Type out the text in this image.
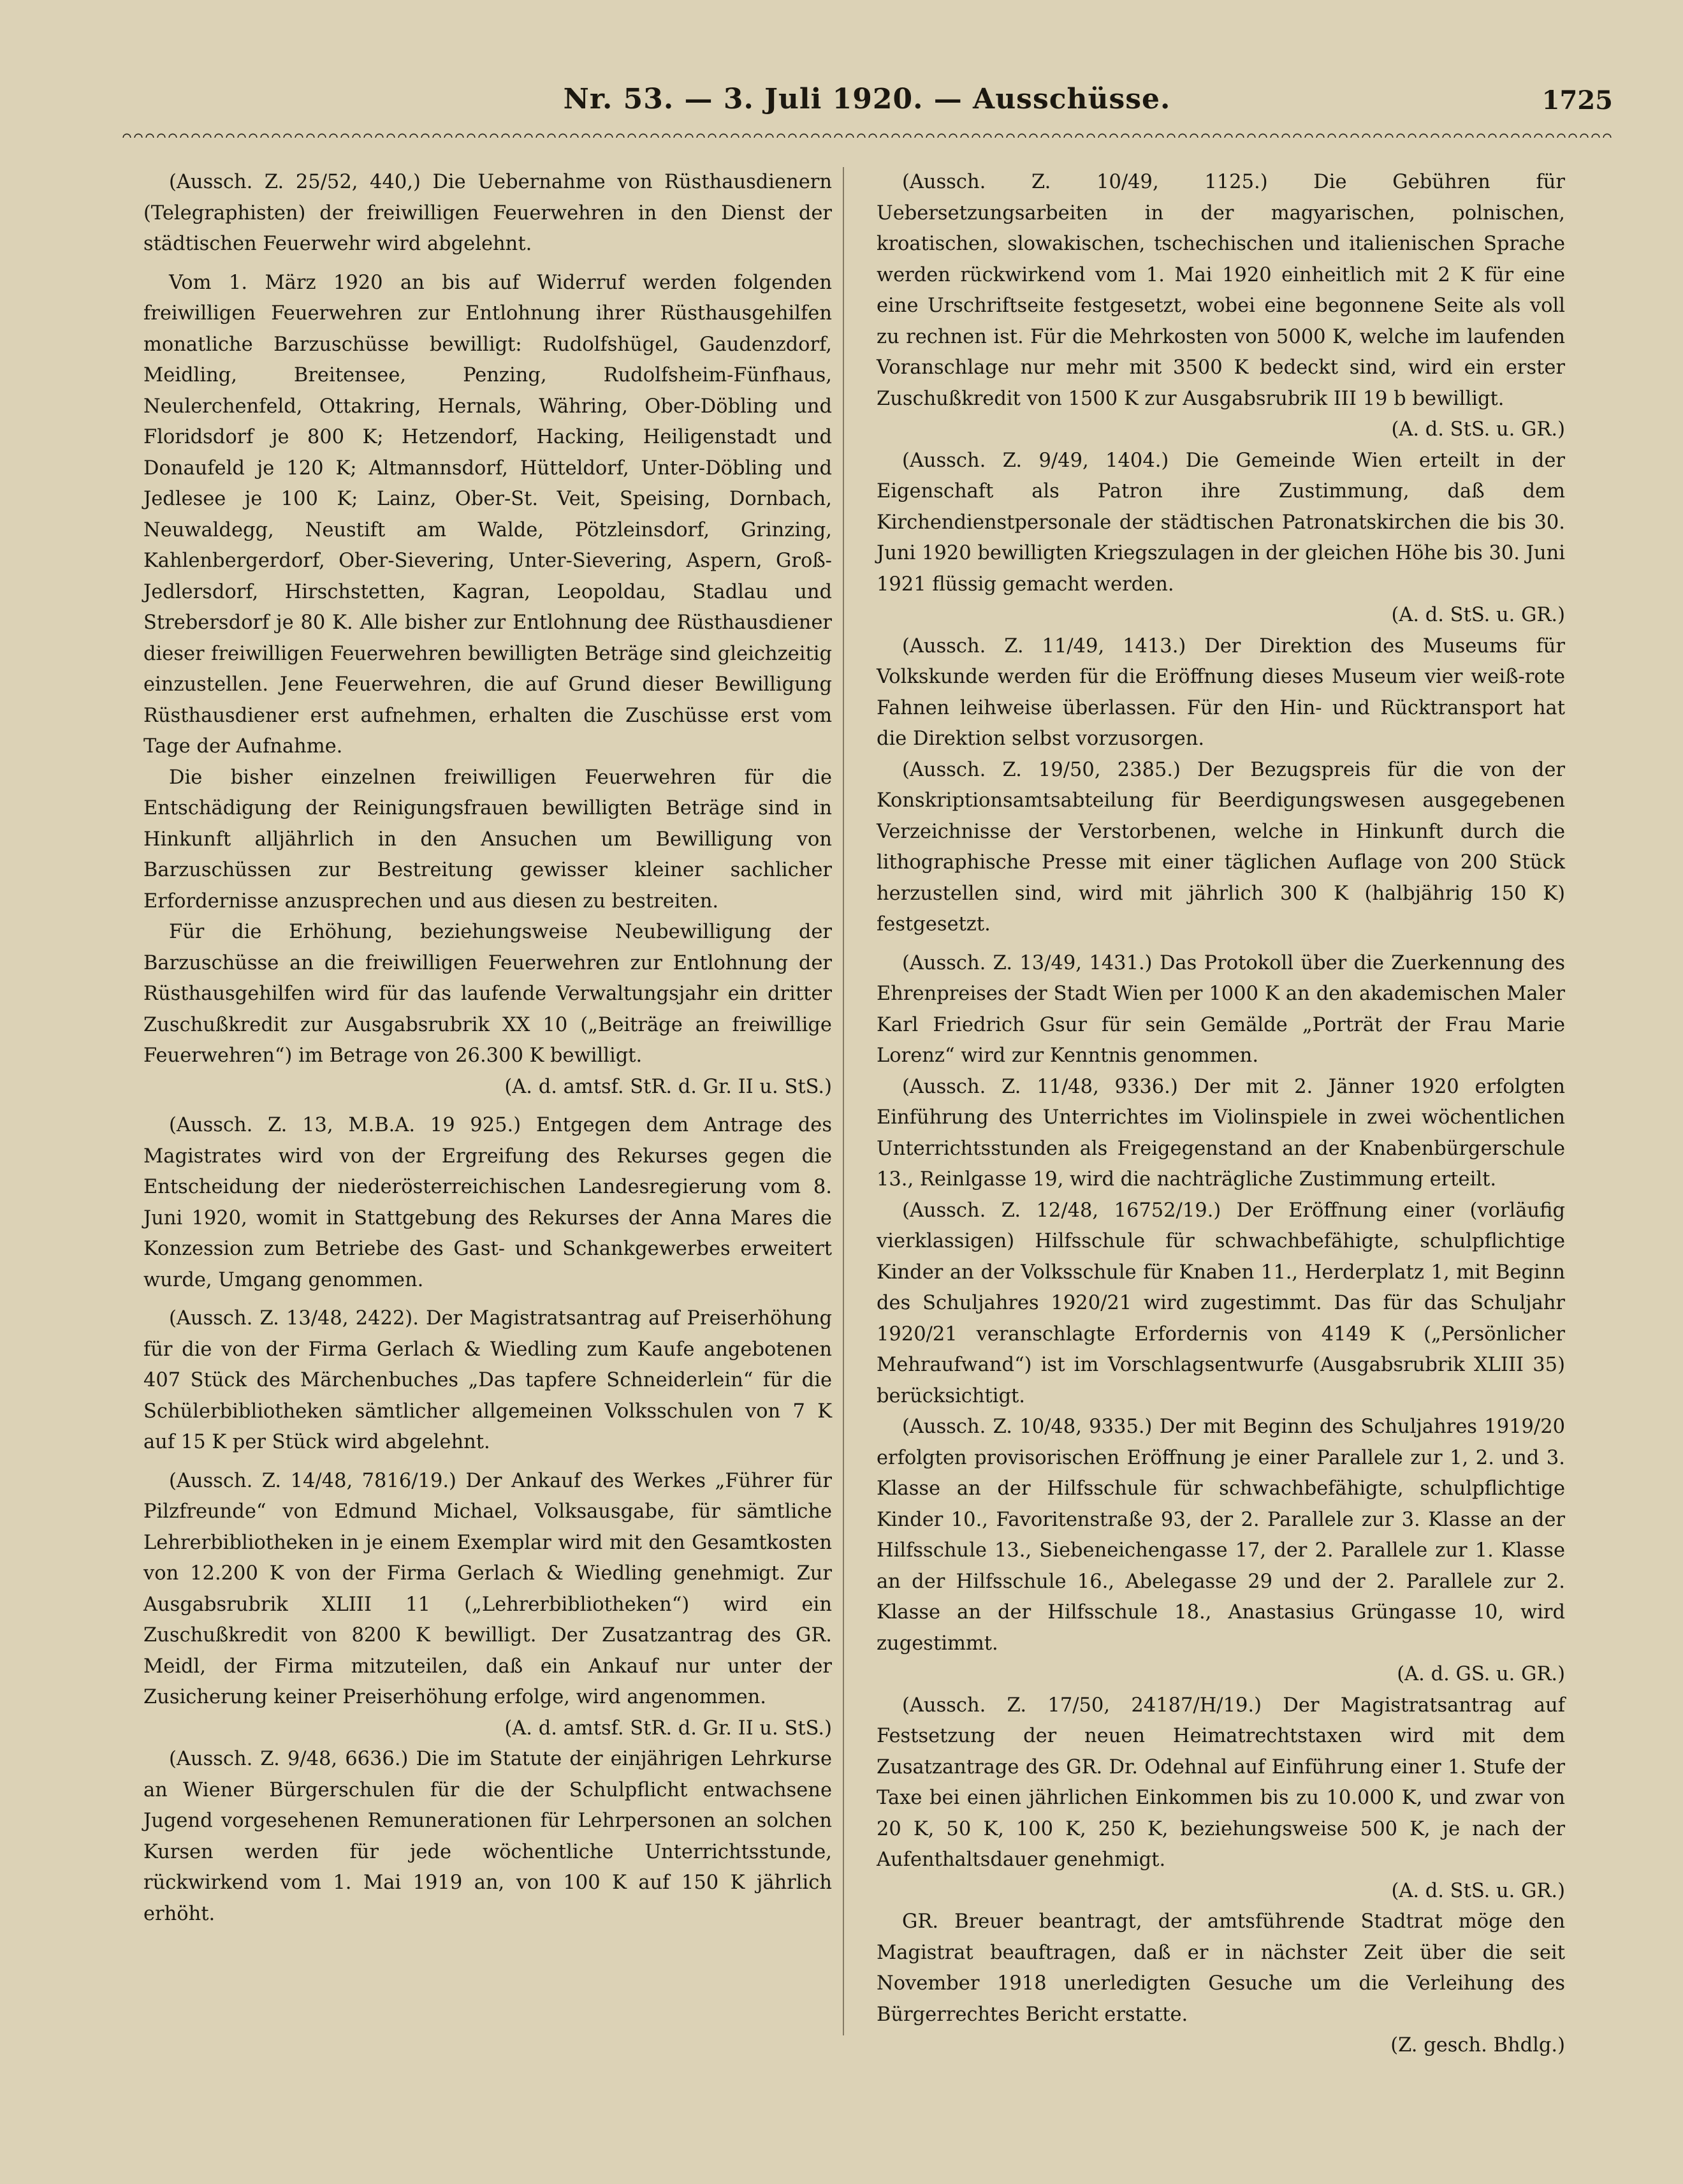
Nr. 53. — 3. Juli 1920. — Ausschüsse.	1725

(Aussch. Z. 25/52, 440,) Die Uebernahme von Rüsthausdienern (Telegraphisten) der freiwilligen Feuerwehren in den Dienst der städtischen Feuerwehr wird abgelehnt.

Vom 1. März 1920 an bis auf Widerruf werden folgenden freiwilligen Feuerwehren zur Entlohnung ihrer Rüsthausgehilfen monatliche Barzuschüsse bewilligt: Rudolfshügel, Gaudenzdorf, Meidling, Breitensee, Penzing, Rudolfsheim-Fünfhaus, Neulerchenfeld, Ottakring, Hernals, Währing, Ober-Döbling und Floridsdorf je 800 K; Hetzendorf, Hacking, Heiligenstadt und Donaufeld je 120 K; Altmannsdorf, Hütteldorf, Unter-Döbling und Jedlesee je 100 K; Lainz, Ober-St. Veit, Speising, Dornbach, Neuwaldegg, Neustift am Walde, Pötzleinsdorf, Grinzing, Kahlenbergerdorf, Ober-Sievering, Unter-Sievering, Aspern, Groß-Jedlersdorf, Hirschstetten, Kagran, Leopoldau, Stadlau und Strebersdorf je 80 K. Alle bisher zur Entlohnung dee Rüsthausdiener dieser freiwilligen Feuerwehren bewilligten Beträge sind gleichzeitig einzustellen. Jene Feuerwehren, die auf Grund dieser Bewilligung Rüsthausdiener erst aufnehmen, erhalten die Zuschüsse erst vom Tage der Aufnahme.

Die bisher einzelnen freiwilligen Feuerwehren für die Entschädigung der Reinigungsfrauen bewilligten Beträge sind in Hinkunft alljährlich in den Ansuchen um Bewilligung von Barzuschüssen zur Bestreitung gewisser kleiner sachlicher Erfordernisse anzusprechen und aus diesen zu bestreiten.

Für die Erhöhung, beziehungsweise Neubewilligung der Barzuschüsse an die freiwilligen Feuerwehren zur Entlohnung der Rüsthausgehilfen wird für das laufende Verwaltungsjahr ein dritter Zuschußkredit zur Ausgabsrubrik XX 10 („Beiträge an freiwillige Feuerwehren“) im Betrage von 26.300 K bewilligt.

(A. d. amtsf. StR. d. Gr. II u. StS.)

(Aussch. Z. 13, M.B.A. 19 925.) Entgegen dem Antrage des Magistrates wird von der Ergreifung des Rekurses gegen die Entscheidung der niederösterreichischen Landesregierung vom 8. Juni 1920, womit in Stattgebung des Rekurses der Anna Mares die Konzession zum Betriebe des Gast- und Schankgewerbes erweitert wurde, Umgang genommen.

(Aussch. Z. 13/48, 2422). Der Magistratsantrag auf Preiserhöhung für die von der Firma Gerlach & Wiedling zum Kaufe angebotenen 407 Stück des Märchenbuches „Das tapfere Schneiderlein“ für die Schülerbibliotheken sämtlicher allgemeinen Volksschulen von 7 K auf 15 K per Stück wird abgelehnt.

(Aussch. Z. 14/48, 7816/19.) Der Ankauf des Werkes „Führer für Pilzfreunde“ von Edmund Michael, Volksausgabe, für sämtliche Lehrerbibliotheken in je einem Exemplar wird mit den Gesamtkosten von 12.200 K von der Firma Gerlach & Wiedling genehmigt. Zur Ausgabsrubrik XLIII 11 („Lehrerbibliotheken“) wird ein Zuschußkredit von 8200 K bewilligt. Der Zusatzantrag des GR. Meidl, der Firma mitzuteilen, daß ein Ankauf nur unter der Zusicherung keiner Preiserhöhung erfolge, wird angenommen.

(A. d. amtsf. StR. d. Gr. II u. StS.)

(Aussch. Z. 9/48, 6636.) Die im Statute der einjährigen Lehrkurse an Wiener Bürgerschulen für die der Schulpflicht entwachsene Jugend vorgesehenen Remunerationen für Lehrpersonen an solchen Kursen werden für jede wöchentliche Unterrichtsstunde, rückwirkend vom 1. Mai 1919 an, von 100 K auf 150 K jährlich erhöht.

(Aussch. Z. 10/49, 1125.) Die Gebühren für Uebersetzungsarbeiten in der magyarischen, polnischen, kroatischen, slowakischen, tschechischen und italienischen Sprache werden rückwirkend vom 1. Mai 1920 einheitlich mit 2 K für eine eine Urschriftseite festgesetzt, wobei eine begonnene Seite als voll zu rechnen ist. Für die Mehrkosten von 5000 K, welche im laufenden Voranschlage nur mehr mit 3500 K bedeckt sind, wird ein erster Zuschußkredit von 1500 K zur Ausgabsrubrik III 19 b bewilligt.

(A. d. StS. u. GR.)

(Aussch. Z. 9/49, 1404.) Die Gemeinde Wien erteilt in der Eigenschaft als Patron ihre Zustimmung, daß dem Kirchendienstpersonale der städtischen Patronatskirchen die bis 30. Juni 1920 bewilligten Kriegszulagen in der gleichen Höhe bis 30. Juni 1921 flüssig gemacht werden.

(A. d. StS. u. GR.)

(Aussch. Z. 11/49, 1413.) Der Direktion des Museums für Volkskunde werden für die Eröffnung dieses Museum vier weiß-rote Fahnen leihweise überlassen. Für den Hin- und Rücktransport hat die Direktion selbst vorzusorgen.

(Aussch. Z. 19/50, 2385.) Der Bezugspreis für die von der Konskriptionsamtsabteilung für Beerdigungswesen ausgegebenen Verzeichnisse der Verstorbenen, welche in Hinkunft durch die lithographische Presse mit einer täglichen Auflage von 200 Stück herzustellen sind, wird mit jährlich 300 K (halbjährig 150 K) festgesetzt.

(Aussch. Z. 13/49, 1431.) Das Protokoll über die Zuerkennung des Ehrenpreises der Stadt Wien per 1000 K an den akademischen Maler Karl Friedrich Gsur für sein Gemälde „Porträt der Frau Marie Lorenz“ wird zur Kenntnis genommen.

(Aussch. Z. 11/48, 9336.) Der mit 2. Jänner 1920 erfolgten Einführung des Unterrichtes im Violinspiele in zwei wöchentlichen Unterrichtsstunden als Freigegenstand an der Knabenbürgerschule 13., Reinlgasse 19, wird die nachträgliche Zustimmung erteilt.

(Aussch. Z. 12/48, 16752/19.) Der Eröffnung einer (vorläufig vierklassigen) Hilfsschule für schwachbefähigte, schulpflichtige Kinder an der Volksschule für Knaben 11., Herderplatz 1, mit Beginn des Schuljahres 1920/21 wird zugestimmt. Das für das Schuljahr 1920/21 veranschlagte Erfordernis von 4149 K („Persönlicher Mehraufwand“) ist im Vorschlagsentwurfe (Ausgabsrubrik XLIII 35) berücksichtigt.

(Aussch. Z. 10/48, 9335.) Der mit Beginn des Schuljahres 1919/20 erfolgten provisorischen Eröffnung je einer Parallele zur 1, 2. und 3. Klasse an der Hilfsschule für schwachbefähigte, schulpflichtige Kinder 10., Favoritenstraße 93, der 2. Parallele zur 3. Klasse an der Hilfsschule 13., Siebeneichengasse 17, der 2. Parallele zur 1. Klasse an der Hilfsschule 16., Abelegasse 29 und der 2. Parallele zur 2. Klasse an der Hilfsschule 18., Anastasius Grüngasse 10, wird zugestimmt.

(A. d. GS. u. GR.)

(Aussch. Z. 17/50, 24187/H/19.) Der Magistratsantrag auf Festsetzung der neuen Heimatrechtstaxen wird mit dem Zusatzantrage des GR. Dr. Odehnal auf Einführung einer 1. Stufe der Taxe bei einen jährlichen Einkommen bis zu 10.000 K, und zwar von 20 K, 50 K, 100 K, 250 K, beziehungsweise 500 K, je nach der Aufenthaltsdauer genehmigt.

(A. d. StS. u. GR.)

GR. Breuer beantragt, der amtsführende Stadtrat möge den Magistrat beauftragen, daß er in nächster Zeit über die seit November 1918 unerledigten Gesuche um die Verleihung des Bürgerrechtes Bericht erstatte.

(Z. gesch. Bhdlg.)
